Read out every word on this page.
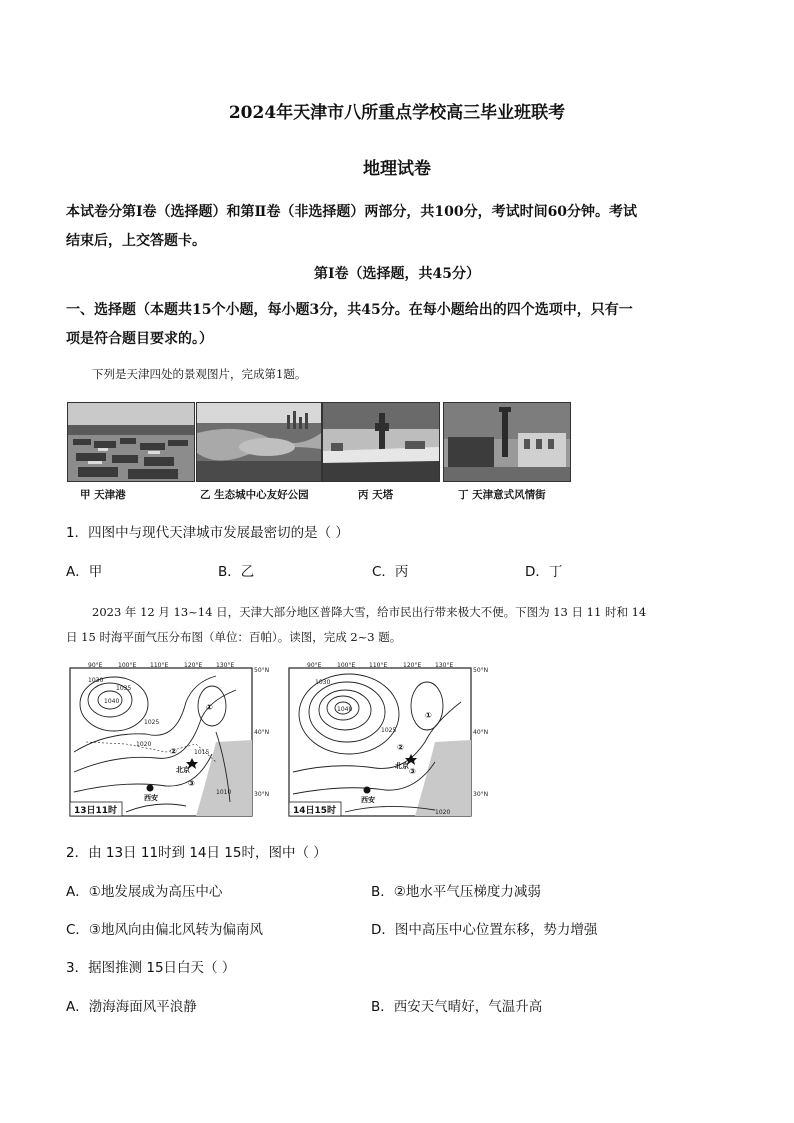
2024年天津市八所重点学校高三毕业班联考
地理试卷
本试卷分第Ⅰ卷（选择题）和第Ⅱ卷（非选择题）两部分，共100分，考试时间60分钟。考试
结束后，上交答题卡。
第Ⅰ卷（选择题，共45分）
一、选择题（本题共15个小题，每小题3分，共45分。在每小题给出的四个选项中，只有一
项是符合题目要求的。）
下列是天津四处的景观图片，完成第1题。
甲 天津港	乙 生态城中心友好公园	丙 天塔	丁 天津意式风情街
1．四图中与现代天津城市发展最密切的是（ ）
A．甲	B．乙	C．丙	D．丁
2023 年 12 月 13~14 日，天津大部分地区普降大雪，给市民出行带来极大不便。下图为 13 日 11 时和 14
日 15 时海平面气压分布图（单位：百帕）。读图，完成 2~3 题。
90°E	100°E 110°E	120°E 130°E
50°N
40°N
30°N
1040
1030
1025
1020
1015
1010
1035
①
②
③
北京
西安
13日11时
90°E	100°E 110°E	120°E 130°E
50°N
40°N
30°N
1040
1030
1025
1020
①
②
③
北京
西安
14日15时
2．由 13日 11时到 14日 15时，图中（ ）
A．①地发展成为高压中心	B．②地水平气压梯度力减弱
C．③地风向由偏北风转为偏南风	D．图中高压中心位置东移，势力增强
3．据图推测 15日白天（ ）
A．渤海海面风平浪静	B．西安天气晴好，气温升高
